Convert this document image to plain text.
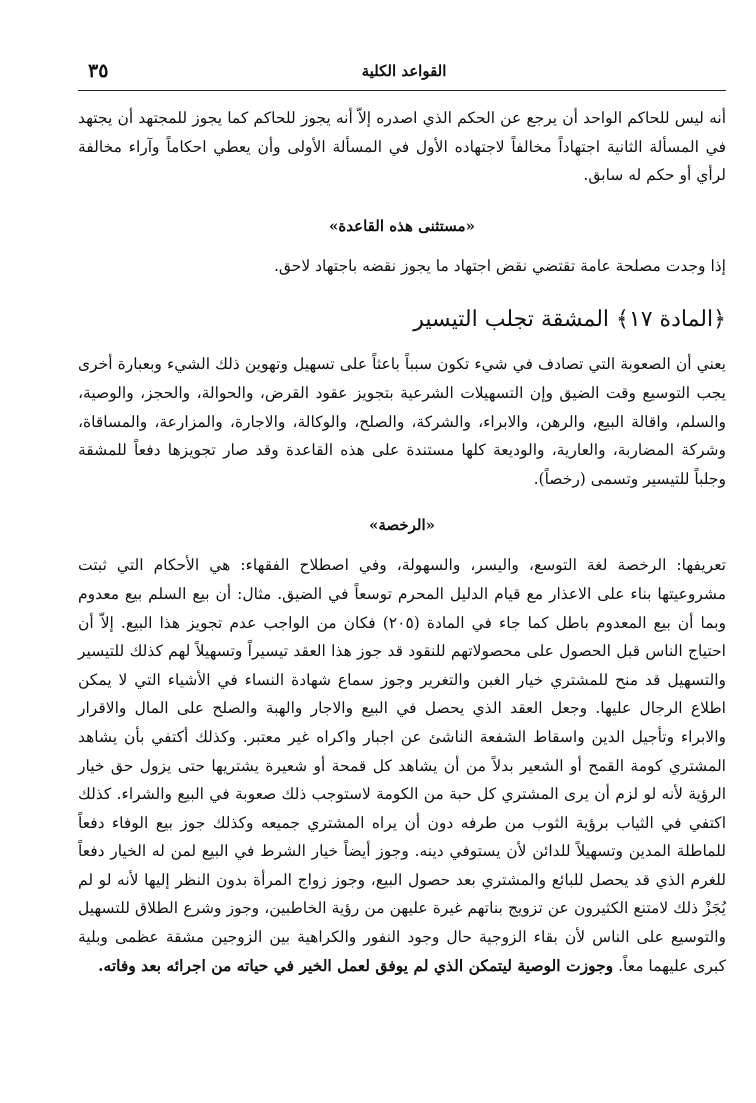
٣٥	القواعد الكلية

أنه ليس للحاكم الواحد أن يرجع عن الحكم الذي اصدره إلاّ أنه يجوز للحاكم كما يجوز للمجتهد أن يجتهد في المسألة الثانية اجتهاداً مخالفاً لاجتهاده الأول في المسألة الأولى وأن يعطي احكاماً وآراء مخالفة لرأي أو حكم له سابق.

«مستثنى هذه القاعدة»

إذا وجدت مصلحة عامة تقتضي نقض اجتهاد ما يجوز نقضه باجتهاد لاحق.

﴿المادة ١٧﴾ المشقة تجلب التيسير

يعني أن الصعوبة التي تصادف في شيء تكون سبباً باعثاً على تسهيل وتهوين ذلك الشيء وبعبارة أخرى يجب التوسيع وقت الضيق وإن التسهيلات الشرعية بتجويز عقود القرض، والحوالة، والحجز، والوصية، والسلم، واقالة البيع، والرهن، والابراء، والشركة، والصلح، والوكالة، والاجارة، والمزارعة، والمساقاة، وشركة المضاربة، والعارية، والوديعة كلها مستندة على هذه القاعدة وقد صار تجويزها دفعاً للمشقة وجلباً للتيسير وتسمى (رخصاً).

«الرخصة»

تعريفها: الرخصة لغة التوسع، واليسر، والسهولة، وفي اصطلاح الفقهاء: هي الأحكام التي ثبتت مشروعيتها بناء على الاعذار مع قيام الدليل المحرم توسعاً في الضيق. مثال: أن بيع السلم بيع معدوم وبما أن بيع المعدوم باطل كما جاء في المادة (٢٠٥) فكان من الواجب عدم تجويز هذا البيع. إلاّ أن احتياج الناس قبل الحصول على محصولاتهم للنقود قد جوز هذا العقد تيسيراً وتسهيلاً لهم كذلك للتيسير والتسهيل قد منح للمشتري خيار الغبن والتغرير وجوز سماع شهادة النساء في الأشياء التي لا يمكن اطلاع الرجال عليها. وجعل العقد الذي يحصل في البيع والاجار والهبة والصلح على المال والاقرار والابراء وتأجيل الدين واسقاط الشفعة الناشئ عن اجبار واكراه غير معتبر. وكذلك أكتفي بأن يشاهد المشتري كومة القمح أو الشعير بدلاً من أن يشاهد كل قمحة أو شعيرة يشتريها حتى يزول حق خيار الرؤية لأنه لو لزم أن يرى المشتري كل حبة من الكومة لاستوجب ذلك صعوبة في البيع والشراء. كذلك اكتفي في الثياب برؤية الثوب من طرفه دون أن يراه المشتري جميعه وكذلك جوز بيع الوفاء دفعاً للماطلة المدين وتسهيلاً للدائن لأن يستوفي دينه. وجوز أيضاً خيار الشرط في البيع لمن له الخيار دفعاً للغرم الذي قد يحصل للبائع والمشتري بعد حصول البيع، وجوز زواج المرأة بدون النظر إليها لأنه لو لم يُجَزْ ذلك لامتنع الكثيرون عن تزويج بناتهم غيرة عليهن من رؤية الخاطبين، وجوز وشرع الطلاق للتسهيل والتوسيع على الناس لأن بقاء الزوجية حال وجود النفور والكراهية بين الزوجين مشقة عظمى وبلية كبرى عليهما معاً. وجوزت الوصية ليتمكن الذي لم يوفق لعمل الخير في حياته من اجرائه بعد وفاته.
